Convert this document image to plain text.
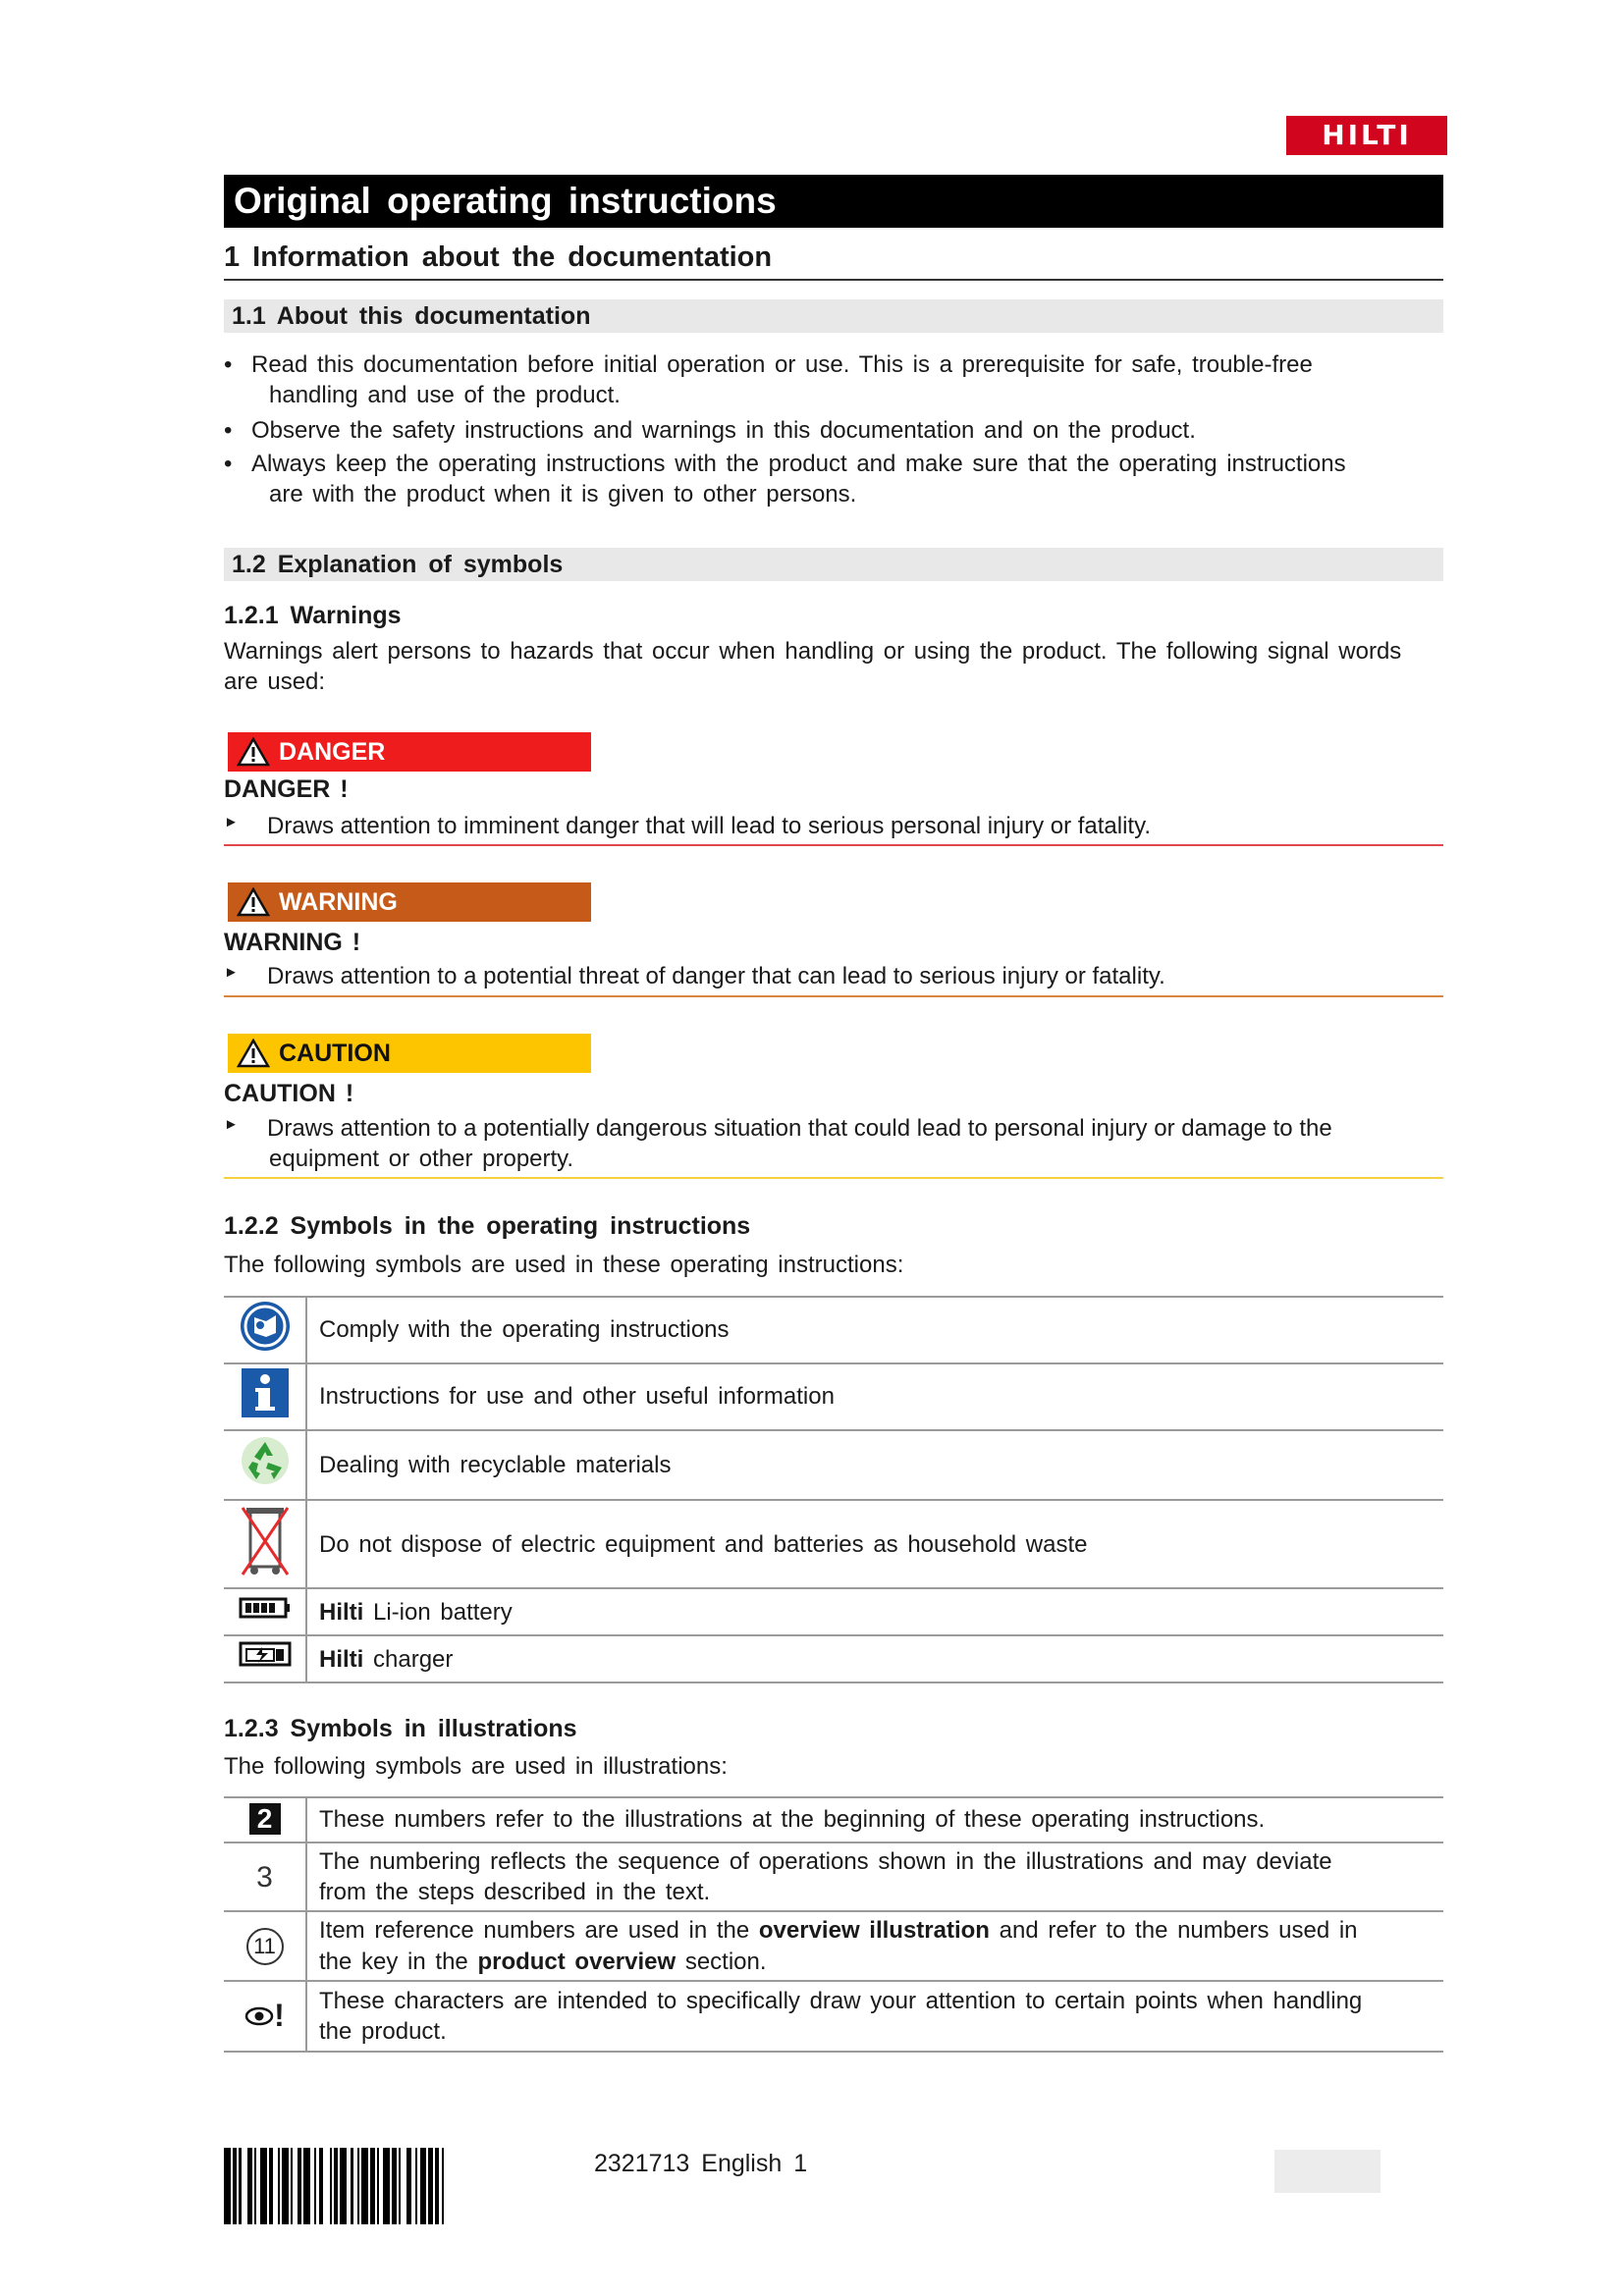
HILTI
Original operating instructions
1 Information about the documentation
1.1 About this documentation
• Read this documentation before initial operation or use. This is a prerequisite for safe, trouble-free
handling and use of the product.
• Observe the safety instructions and warnings in this documentation and on the product.
• Always keep the operating instructions with the product and make sure that the operating instructions
are with the product when it is given to other persons.
1.2 Explanation of symbols
1.2.1 Warnings
Warnings alert persons to hazards that occur when handling or using the product. The following signal words
are used:
DANGER
DANGER !
►	Draws attention to imminent danger that will lead to serious personal injury or fatality.
WARNING
WARNING !
►	Draws attention to a potential threat of danger that can lead to serious injury or fatality.
CAUTION
CAUTION !
►	Draws attention to a potentially dangerous situation that could lead to personal injury or damage to the
equipment or other property.
1.2.2 Symbols in the operating instructions
The following symbols are used in these operating instructions:
	Comply with the operating instructions
	Instructions for use and other useful information
	Dealing with recyclable materials
	Do not dispose of electric equipment and batteries as household waste
	Hilti Li-ion battery
	Hilti charger
1.2.3 Symbols in illustrations
The following symbols are used in illustrations:
2	These numbers refer to the illustrations at the beginning of these operating instructions.
3	The numbering reflects the sequence of operations shown in the illustrations and may deviate
from the steps described in the text.

11	Item reference numbers are used in the overview illustration and refer to the numbers used in
the key in the product overview section.

!	These characters are intended to specifically draw your attention to certain points when handling
the product.
2321713 English 1
